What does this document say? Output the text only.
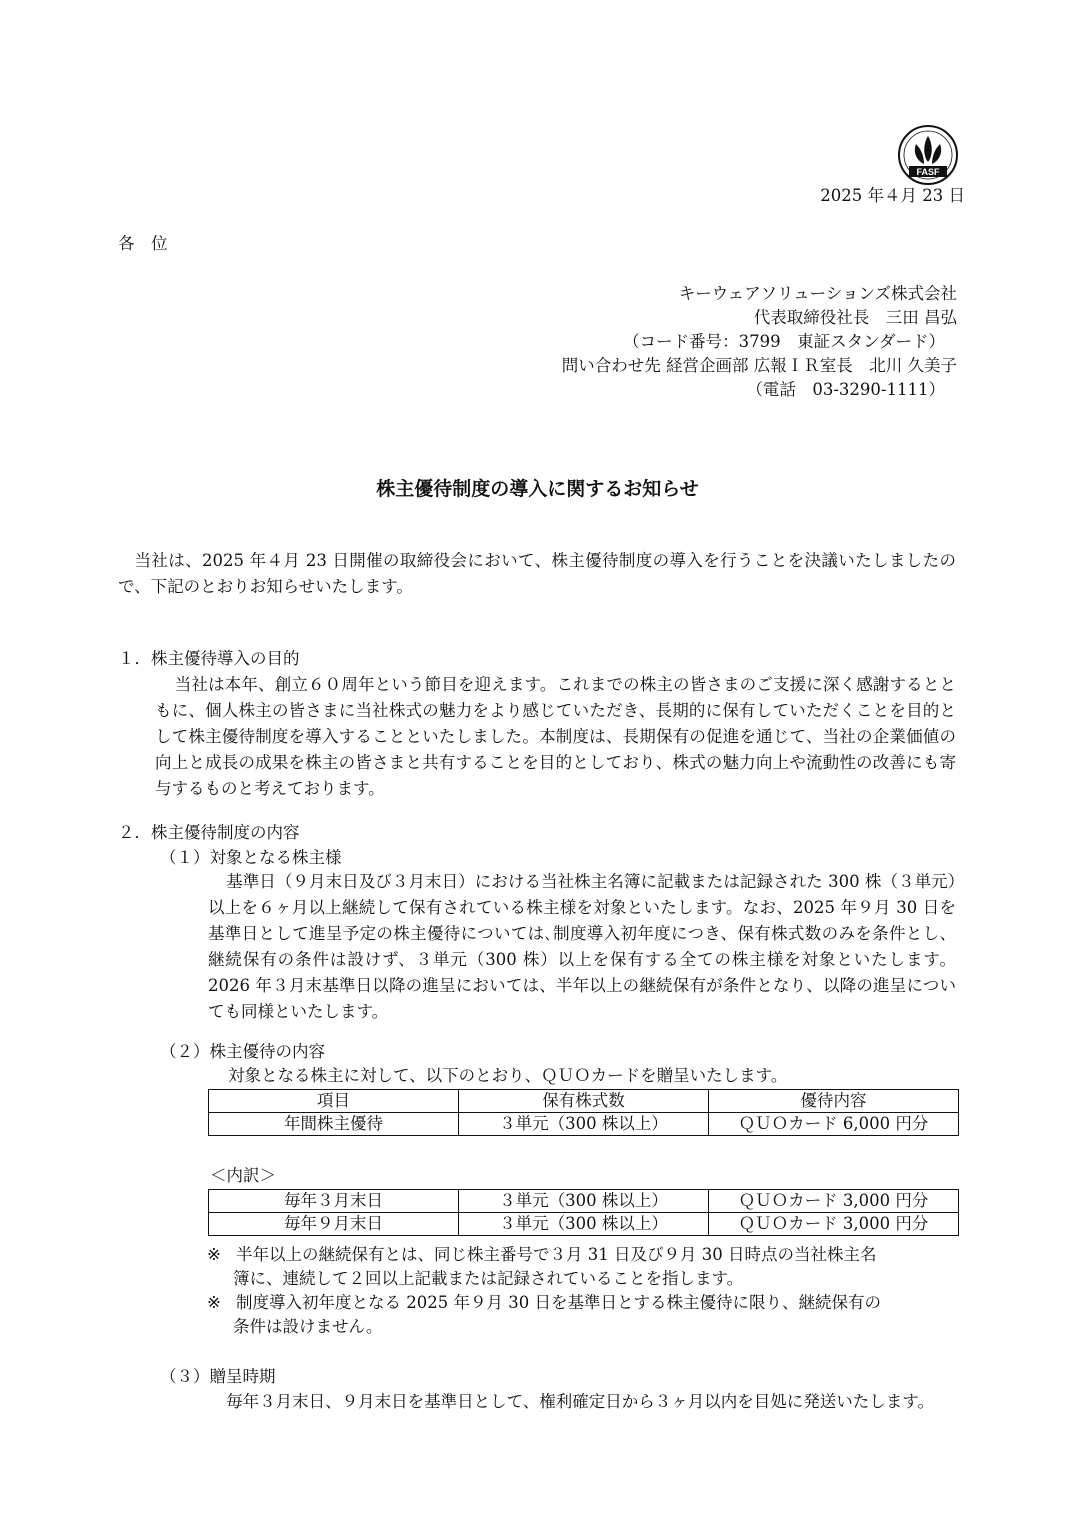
FASF
2025 年４月 23 日
各　位
キーウェアソリューションズ株式会社
代表取締役社長　三田 昌弘
（コード番号：3799　東証スタンダード）
問い合わせ先 経営企画部 広報ＩＲ室長　北川 久美子
（電話　03-3290-1111）
株主優待制度の導入に関するお知らせ
当社は、2025 年４月 23 日開催の取締役会において、株主優待制度の導入を行うことを決議いたしましたので、下記のとおりお知らせいたします。
１．株主優待導入の目的
当社は本年、創立６０周年という節目を迎えます。これまでの株主の皆さまのご支援に深く感謝するとともに、個人株主の皆さまに当社株式の魅力をより感じていただき、長期的に保有していただくことを目的として株主優待制度を導入することといたしました。本制度は、長期保有の促進を通じて、当社の企業価値の向上と成長の成果を株主の皆さまと共有することを目的としており、株式の魅力向上や流動性の改善にも寄与するものと考えております。
２．株主優待制度の内容
（１）対象となる株主様
基準日（９月末日及び３月末日）における当社株主名簿に記載または記録された 300 株（３単元）以上を６ヶ月以上継続して保有されている株主様を対象といたします。なお、2025 年９月 30 日を基準日として進呈予定の株主優待については､制度導入初年度につき、保有株式数のみを条件とし、継続保有の条件は設けず、３単元（300 株）以上を保有する全ての株主様を対象といたします。2026 年３月末基準日以降の進呈においては、半年以上の継続保有が条件となり、以降の進呈についても同様といたします。
（２）株主優待の内容
対象となる株主に対して、以下のとおり、ＱＵＯカードを贈呈いたします。
項目	保有株式数	優待内容
年間株主優待	３単元（300 株以上）	ＱＵＯカード 6,000 円分
＜内訳＞
毎年３月末日	３単元（300 株以上）	ＱＵＯカード 3,000 円分
毎年９月末日	３単元（300 株以上）	ＱＵＯカード 3,000 円分
※ 半年以上の継続保有とは、同じ株主番号で３月 31 日及び９月 30 日時点の当社株主名
簿に、連続して２回以上記載または記録されていることを指します。
※ 制度導入初年度となる 2025 年９月 30 日を基準日とする株主優待に限り、継続保有の
条件は設けません。
（３）贈呈時期
毎年３月末日、９月末日を基準日として、権利確定日から３ヶ月以内を目処に発送いたします。
